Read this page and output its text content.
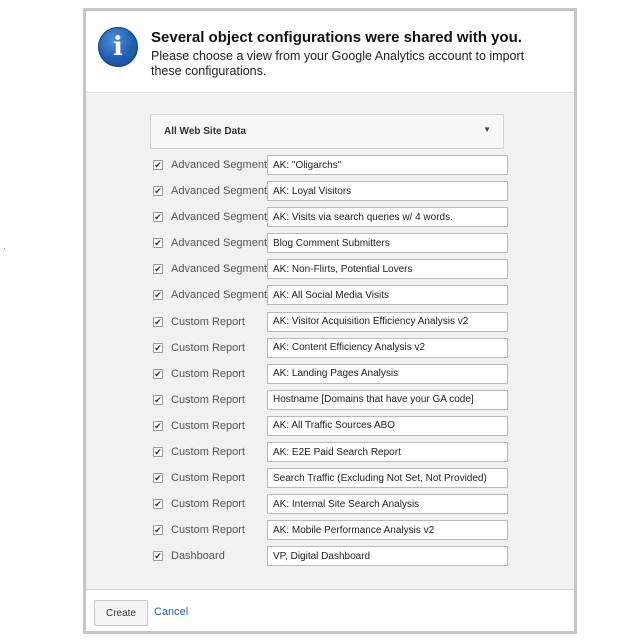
i	Several object configurations were shared with you.
Please choose a view from your Google Analytics account to import these configurations.
All Web Site Data	▼
✔ Advanced Segment
AK: "Oligarchs"
✔ Advanced Segment
AK: Loyal Visitors
✔ Advanced Segment
AK: Visits via search queries w/ 4 words.
✔ Advanced Segment
Blog Comment Submitters
✔ Advanced Segment
AK: Non-Flirts, Potential Lovers
✔ Advanced Segment
AK: All Social Media Visits
✔ Custom Report
AK: Visitor Acquisition Efficiency Analysis v2
✔ Custom Report
AK: Content Efficiency Analysis v2
✔ Custom Report
AK: Landing Pages Analysis
✔ Custom Report
Hostname [Domains that have your GA code]
✔ Custom Report
AK: All Traffic Sources ABO
✔ Custom Report
AK: E2E Paid Search Report
✔ Custom Report
Search Traffic (Excluding Not Set, Not Provided)
✔ Custom Report
AK: Internal Site Search Analysis
✔ Custom Report
AK: Mobile Performance Analysis v2
✔ Dashboard
VP, Digital Dashboard
Create	Cancel
